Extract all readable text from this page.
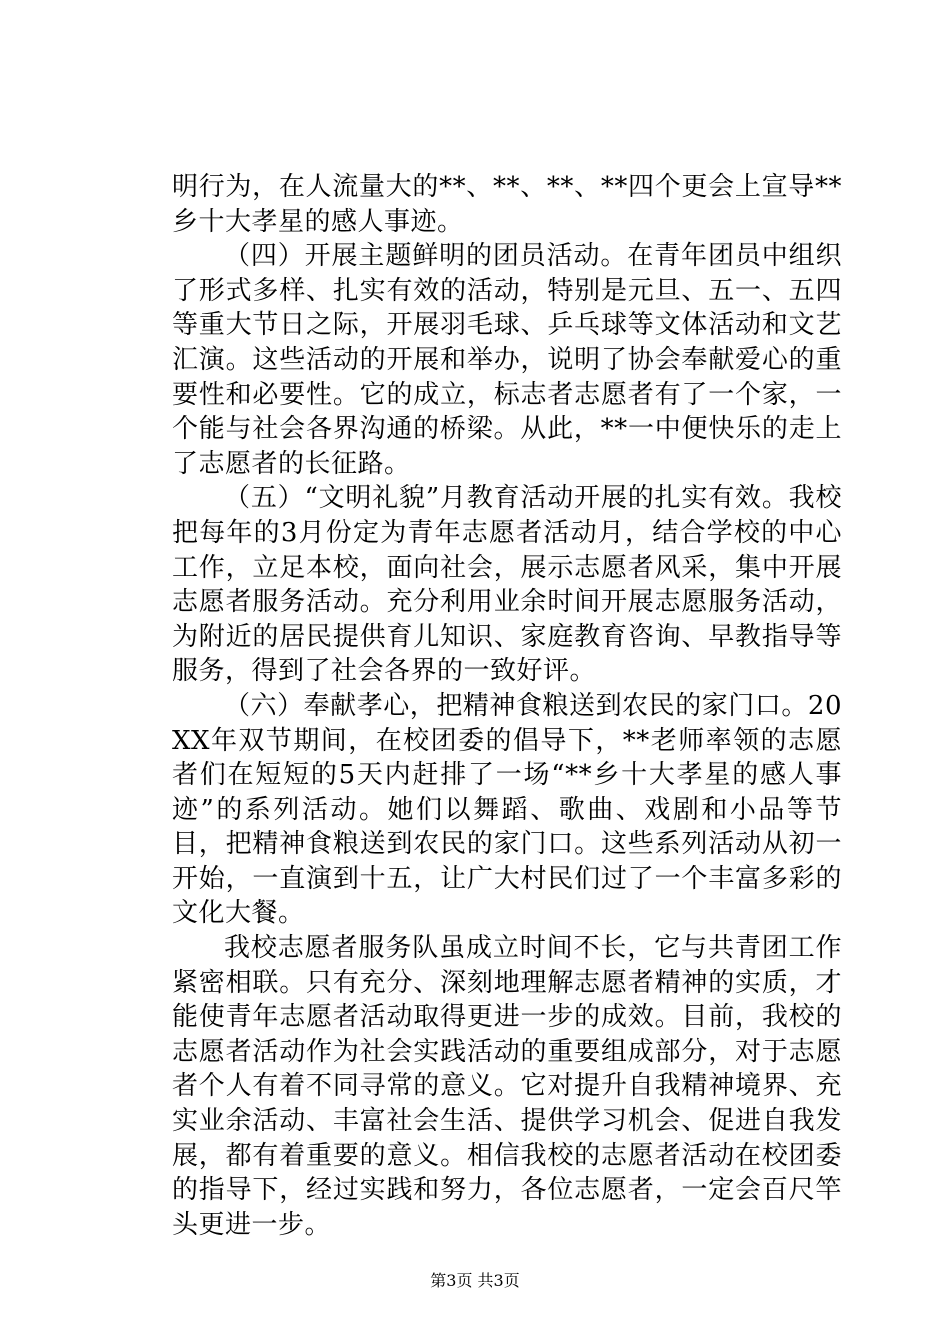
明行为，在人流量大的**、**、**、**四个更会上宣导**乡十大孝星的感人事迹。

（四）开展主题鲜明的团员活动。在青年团员中组织了形式多样、扎实有效的活动，特别是元旦、五一、五四等重大节日之际，开展羽毛球、乒乓球等文体活动和文艺汇演。这些活动的开展和举办，说明了协会奉献爱心的重要性和必要性。它的成立，标志者志愿者有了一个家，一个能与社会各界沟通的桥梁。从此，**一中便快乐的走上了志愿者的长征路。

（五）“文明礼貌”月教育活动开展的扎实有效。我校把每年的3月份定为青年志愿者活动月，结合学校的中心工作，立足本校，面向社会，展示志愿者风采，集中开展志愿者服务活动。充分利用业余时间开展志愿服务活动，为附近的居民提供育儿知识、家庭教育咨询、早教指导等服务，得到了社会各界的一致好评。

（六）奉献孝心，把精神食粮送到农民的家门口。20XX年双节期间，在校团委的倡导下，**老师率领的志愿者们在短短的5天内赶排了一场“**乡十大孝星的感人事迹”的系列活动。她们以舞蹈、歌曲、戏剧和小品等节目，把精神食粮送到农民的家门口。这些系列活动从初一开始，一直演到十五，让广大村民们过了一个丰富多彩的文化大餐。

我校志愿者服务队虽成立时间不长，它与共青团工作紧密相联。只有充分、深刻地理解志愿者精神的实质，才能使青年志愿者活动取得更进一步的成效。目前，我校的志愿者活动作为社会实践活动的重要组成部分，对于志愿者个人有着不同寻常的意义。它对提升自我精神境界、充实业余活动、丰富社会生活、提供学习机会、促进自我发展，都有着重要的意义。相信我校的志愿者活动在校团委的指导下，经过实践和努力，各位志愿者，一定会百尺竿头更进一步。

第3页 共3页
